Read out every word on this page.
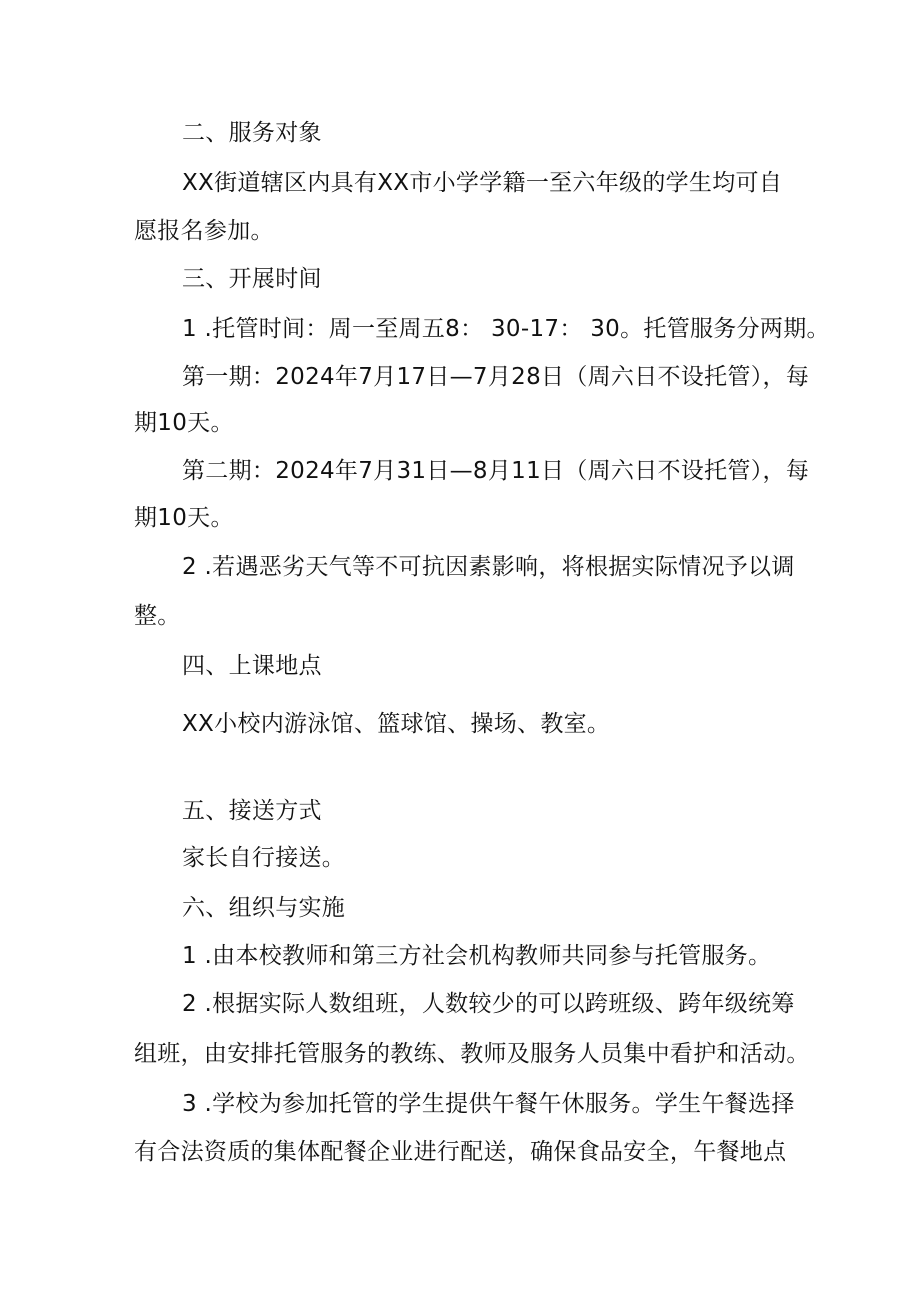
二、服务对象
XX街道辖区内具有XX市小学学籍一至六年级的学生均可自
愿报名参加。
三、开展时间
1 .托管时间：周一至周五8： 30-17： 30。托管服务分两期。
第一期：2024年7月17日—7月28日（周六日不设托管），每
期10天。
第二期：2024年7月31日—8月11日（周六日不设托管），每
期10天。
2 .若遇恶劣天气等不可抗因素影响，将根据实际情况予以调
整。
四、上课地点
XX小校内游泳馆、篮球馆、操场、教室。
五、接送方式
家长自行接送。
六、组织与实施
1 .由本校教师和第三方社会机构教师共同参与托管服务。
2 .根据实际人数组班，人数较少的可以跨班级、跨年级统筹
组班，由安排托管服务的教练、教师及服务人员集中看护和活动。
3 .学校为参加托管的学生提供午餐午休服务。学生午餐选择
有合法资质的集体配餐企业进行配送，确保食品安全，午餐地点
